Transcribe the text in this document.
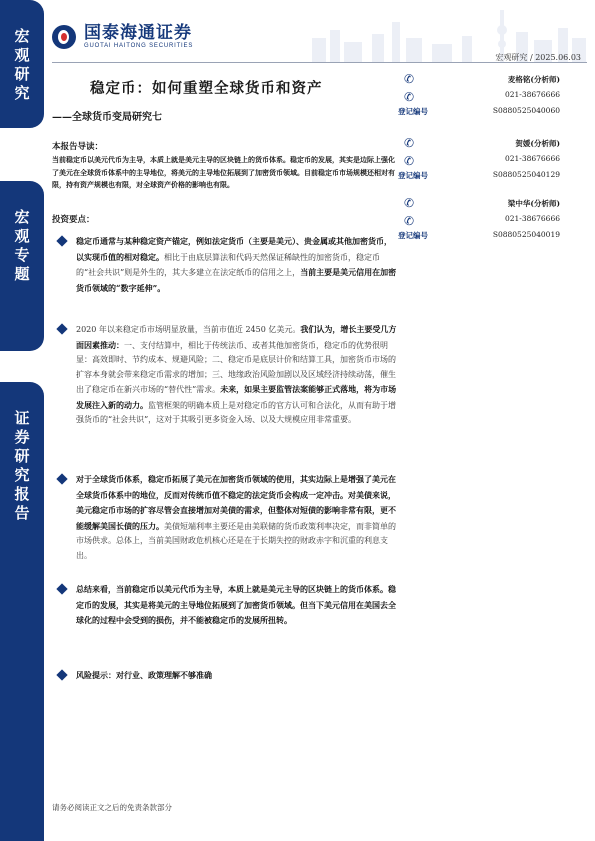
宏观研究
宏观专题
证券研究报告
国泰海通证券
GUOTAI HAITONG SECURITIES
宏观研究 / 2025.06.03
稳定币：如何重塑全球货币和资产
——全球货币变局研究七
✆
✆
麦格铭(分析师)
021-38676666
登记编号	S0880525040060
✆
✆
贺媛(分析师)
021-38676666
登记编号	S0880525040129
✆
✆
梁中华(分析师)
021-38676666
登记编号	S0880525040019
本报告导读：
当前稳定币以美元代币为主导，本质上就是美元主导的区块链上的货币体系。稳定币的发展，其实是边际上强化了美元在全球货币体系中的主导地位，将美元的主导地位拓展到了加密货币领域。目前稳定币市场规模还相对有限，持有资产规模也有限，对全球资产价格的影响也有限。
投资要点：
稳定币通常与某种稳定资产锚定，例如法定货币（主要是美元）、贵金属或其他加密货币，以实现币值的相对稳定。相比于由底层算法和代码天然保证稀缺性的加密货币，稳定币的“社会共识”则是外生的，其大多建立在法定纸币的信用之上，当前主要是美元信用在加密货币领域的“数字延伸”。
2020 年以来稳定币市场明显放量，当前市值近 2450 亿美元。我们认为，增长主要受几方面因素推动：一、支付结算中，相比于传统法币、或者其他加密货币，稳定币的优势很明显：高效即时、节约成本、规避风险；二、稳定币是底层计价和结算工具，加密货币市场的扩容本身就会带来稳定币需求的增加；三、地缘政治风险加剧以及区域经济持续动荡，催生出了稳定币在新兴市场的“替代性”需求。未来，如果主要监管法案能够正式落地，将为市场发展注入新的动力。监管框架的明确本质上是对稳定币的官方认可和合法化，从而有助于增强货币的“社会共识”，这对于其吸引更多资金入场、以及大规模应用非常重要。
对于全球货币体系，稳定币拓展了美元在加密货币领域的使用，其实边际上是增强了美元在全球货币体系中的地位，反而对传统币值不稳定的法定货币会构成一定冲击。对美债来说，美元稳定币市场的扩容尽管会直接增加对美债的需求，但整体对短债的影响非常有限，更不能缓解美国长债的压力。美债短端利率主要还是由美联储的货币政策利率决定，而非简单的市场供求。总体上，当前美国财政危机核心还是在于长期失控的财政赤字和沉重的利息支出。
总结来看，当前稳定币以美元代币为主导，本质上就是美元主导的区块链上的货币体系。稳定币的发展，其实是将美元的主导地位拓展到了加密货币领域。但当下美元信用在美国去全球化的过程中会受到的损伤，并不能被稳定币的发展所扭转。
风险提示：对行业、政策理解不够准确
请务必阅读正文之后的免责条款部分
